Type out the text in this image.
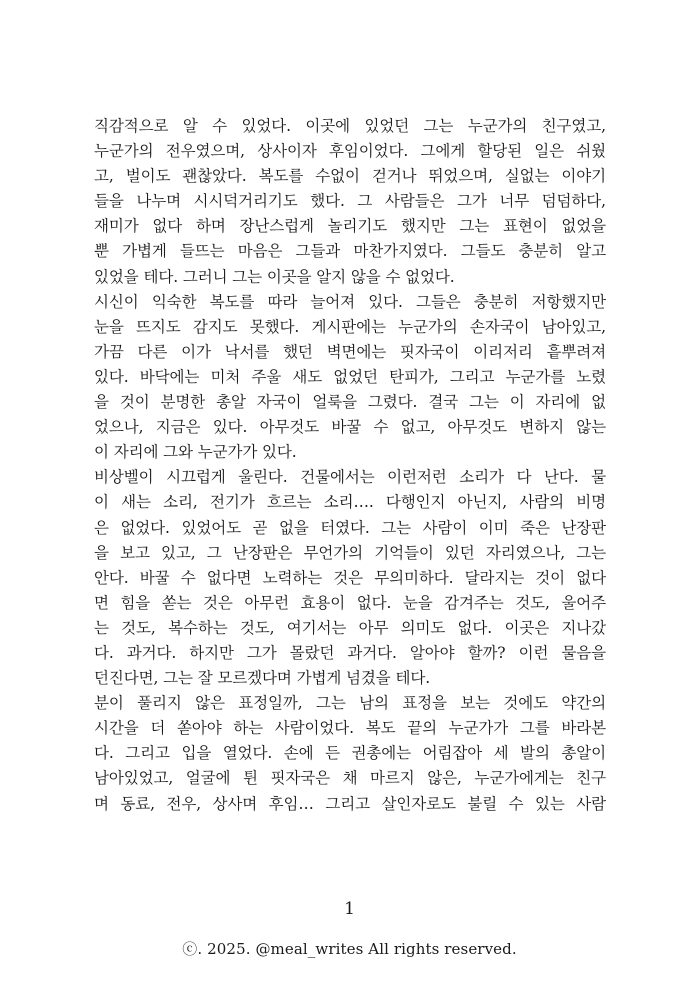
직감적으로 알 수 있었다. 이곳에 있었던 그는 누군가의 친구였고,
누군가의 전우였으며, 상사이자 후임이었다. 그에게 할당된 일은 쉬웠
고, 벌이도 괜찮았다. 복도를 수없이 걷거나 뛰었으며, 실없는 이야기
들을 나누며 시시덕거리기도 했다. 그 사람들은 그가 너무 덤덤하다,
재미가 없다 하며 장난스럽게 놀리기도 했지만 그는 표현이 없었을
뿐 가볍게 들뜨는 마음은 그들과 마찬가지였다. 그들도 충분히 알고
있었을 테다. 그러니 그는 이곳을 알지 않을 수 없었다.
시신이 익숙한 복도를 따라 늘어져 있다. 그들은 충분히 저항했지만
눈을 뜨지도 감지도 못했다. 게시판에는 누군가의 손자국이 남아있고,
가끔 다른 이가 낙서를 했던 벽면에는 핏자국이 이리저리 흩뿌려져
있다. 바닥에는 미처 주울 새도 없었던 탄피가, 그리고 누군가를 노렸
을 것이 분명한 총알 자국이 얼룩을 그렸다. 결국 그는 이 자리에 없
었으나, 지금은 있다. 아무것도 바꿀 수 없고, 아무것도 변하지 않는
이 자리에 그와 누군가가 있다.
비상벨이 시끄럽게 울린다. 건물에서는 이런저런 소리가 다 난다. 물
이 새는 소리, 전기가 흐르는 소리…. 다행인지 아닌지, 사람의 비명
은 없었다. 있었어도 곧 없을 터였다. 그는 사람이 이미 죽은 난장판
을 보고 있고, 그 난장판은 무언가의 기억들이 있던 자리였으나, 그는
안다. 바꿀 수 없다면 노력하는 것은 무의미하다. 달라지는 것이 없다
면 힘을 쏟는 것은 아무런 효용이 없다. 눈을 감겨주는 것도, 울어주
는 것도, 복수하는 것도, 여기서는 아무 의미도 없다. 이곳은 지나갔
다. 과거다. 하지만 그가 몰랐던 과거다. 알아야 할까? 이런 물음을
던진다면, 그는 잘 모르겠다며 가볍게 넘겼을 테다.
분이 풀리지 않은 표정일까, 그는 남의 표정을 보는 것에도 약간의
시간을 더 쏟아야 하는 사람이었다. 복도 끝의 누군가가 그를 바라본
다. 그리고 입을 열었다. 손에 든 권총에는 어림잡아 세 발의 총알이
남아있었고, 얼굴에 튄 핏자국은 채 마르지 않은, 누군가에게는 친구
며 동료, 전우, 상사며 후임… 그리고 살인자로도 불릴 수 있는 사람
1
ⓒ. 2025. @meal_writes All rights reserved.
